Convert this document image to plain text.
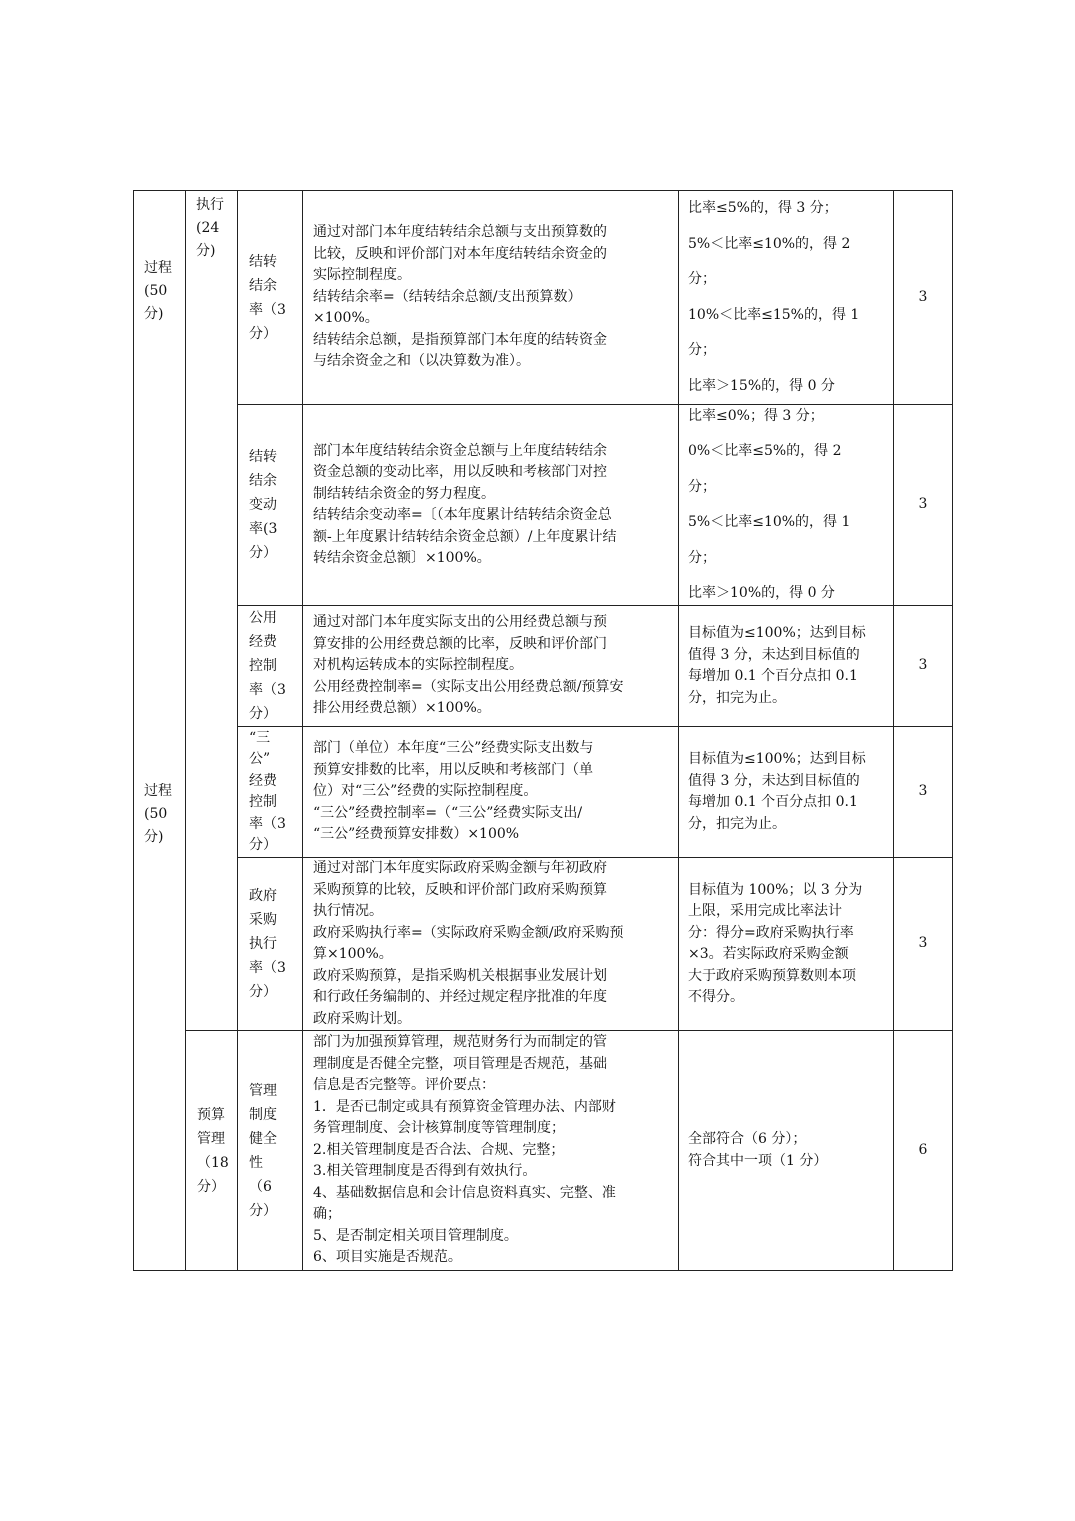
过程
(50
分)
过程
(50
分)
执行
(24
分)
预算
管理
（18
分）
结转
结余
率（3
分）
通过对部门本年度结转结余总额与支出预算数的
比较，反映和评价部门对本年度结转结余资金的
实际控制程度。
结转结余率=（结转结余总额/支出预算数）
×100%。
结转结余总额，是指预算部门本年度的结转资金
与结余资金之和（以决算数为准）。
比率≤5%的，得 3 分；
5%＜比率≤10%的，得 2
分；
10%＜比率≤15%的，得 1
分；
比率＞15%的，得 0 分
3
结转
结余
变动
率(3
分）
部门本年度结转结余资金总额与上年度结转结余
资金总额的变动比率，用以反映和考核部门对控
制结转结余资金的努力程度。
结转结余变动率=〔（本年度累计结转结余资金总
额-上年度累计结转结余资金总额）/上年度累计结
转结余资金总额〕×100%。
比率≤0%；得 3 分；
0%＜比率≤5%的，得 2
分；
5%＜比率≤10%的，得 1
分；
比率＞10%的，得 0 分
3
公用
经费
控制
率（3
分）
通过对部门本年度实际支出的公用经费总额与预
算安排的公用经费总额的比率，反映和评价部门
对机构运转成本的实际控制程度。
公用经费控制率=（实际支出公用经费总额/预算安
排公用经费总额）×100%。
目标值为≤100%；达到目标
值得 3 分，未达到目标值的
每增加 0.1 个百分点扣 0.1
分，扣完为止。
3
“三
公”
经费
控制
率（3
分）
部门（单位）本年度“三公”经费实际支出数与
预算安排数的比率，用以反映和考核部门（单
位）对“三公”经费的实际控制程度。
“三公”经费控制率=（“三公”经费实际支出/
“三公”经费预算安排数）×100%
目标值为≤100%；达到目标
值得 3 分，未达到目标值的
每增加 0.1 个百分点扣 0.1
分，扣完为止。
3
政府
采购
执行
率（3
分）
通过对部门本年度实际政府采购金额与年初政府
采购预算的比较，反映和评价部门政府采购预算
执行情况。
政府采购执行率=（实际政府采购金额/政府采购预
算×100%。
政府采购预算，是指采购机关根据事业发展计划
和行政任务编制的、并经过规定程序批准的年度
政府采购计划。
目标值为 100%；以 3 分为
上限，采用完成比率法计
分：得分=政府采购执行率
×3。若实际政府采购金额
大于政府采购预算数则本项
不得分。
3
管理
制度
健全
性
（6
分）
部门为加强预算管理，规范财务行为而制定的管
理制度是否健全完整，项目管理是否规范，基础
信息是否完整等。评价要点：
1．是否已制定或具有预算资金管理办法、内部财
务管理制度、会计核算制度等管理制度；
2.相关管理制度是否合法、合规、完整；
3.相关管理制度是否得到有效执行。
4、基础数据信息和会计信息资料真实、完整、准
确；
5、是否制定相关项目管理制度。
6、项目实施是否规范。
全部符合（6 分）；
符合其中一项（1 分）
6
